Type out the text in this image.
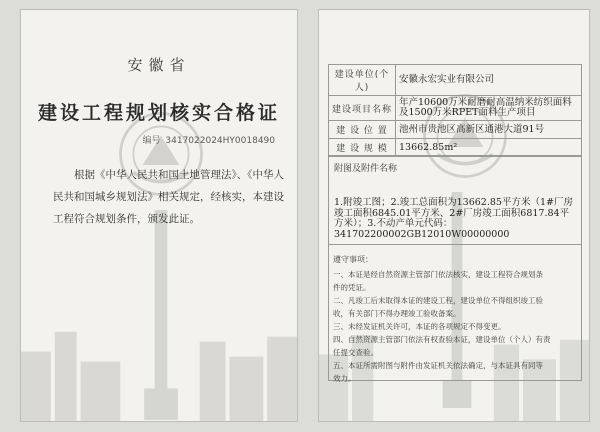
安徽省
建设工程规划核实合格证
编号 3417022024HY0018490
根据《中华人民共和国土地管理法》、《中华人民共和国城乡规划法》相关规定，经核实，本建设工程符合规划条件，颁发此证。
建设单位(个人)	安徽永宏实业有限公司
建设项目名称	年产10600万米耐磨耐高温纳米纺织面料及1500万米RPET面料生产项目
建 设 位 置	池州市贵池区高新区通港大道91号
建 设 规 模	13662.85m²
附图及附件名称
1.附竣工图；2.竣工总面积为13662.85平方米（1#厂房竣工面积6845.01平方米、2#厂房竣工面积6817.84平方米）；3.不动产单元代码：341702200002GB12010W00000000
遵守事项：
一、本证是经自然资源主管部门依法核实，建设工程符合规划条
件的凭证。
二、凡竣工后未取得本证的建设工程，建设单位不得组织竣工验
收，有关部门不得办理竣工验收备案。
三、未经发证机关许可，本证的各项规定不得变更。
四、自然资源主管部门依法有权查验本证，建设单位（个人）有责
任提交查验。
五、本证所需附图与附件由发证机关依法确定，与本证具有同等
效力。
